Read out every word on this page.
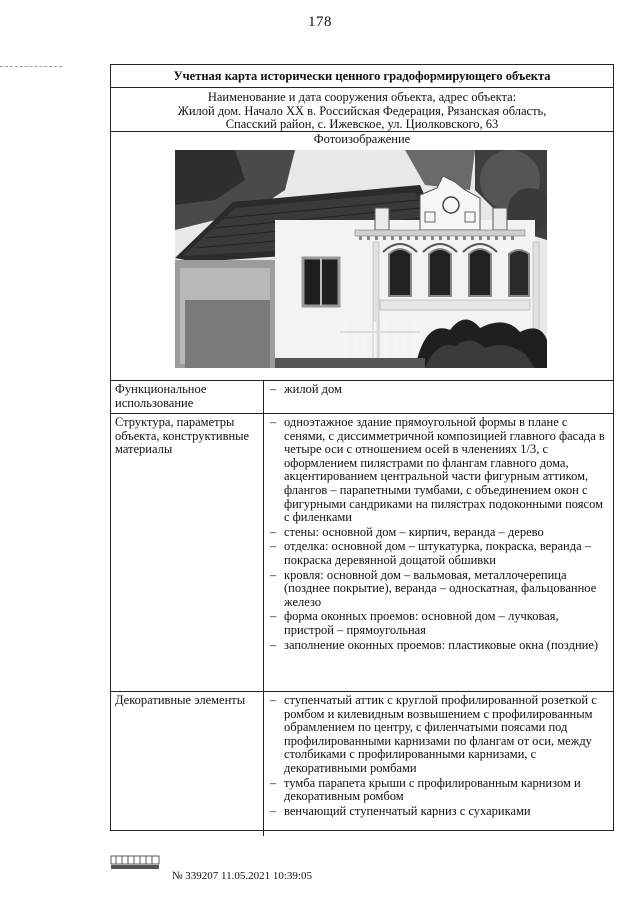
178
Учетная карта исторически ценного градоформирующего объекта
Наименование и дата сооружения объекта, адрес объекта:
Жилой дом. Начало XX в. Российская Федерация, Рязанская область,
Спасский район, с. Ижевское, ул. Циолковского, 63
Фотоизображение
Функциональное использование
– жилой дом
Структура, параметры объекта, конструктивные материалы
– одноэтажное здание прямоугольной формы в плане с сенями, с диссимметричной композицией главного фасада в четыре оси с отношением осей в членениях 1/3, с оформлением пилястрами по флангам главного дома, акцентированием центральной части фигурным аттиком, флангов – парапетными тумбами, с объединением окон с фигурными сандриками на пилястрах подоконными поясом с филенками
– стены: основной дом – кирпич, веранда – дерево
– отделка: основной дом – штукатурка, покраска, веранда – покраска деревянной дощатой обшивки
– кровля: основной дом – вальмовая, металлочерепица (позднее покрытие), веранда – односкатная, фальцованное железо
– форма оконных проемов: основной дом – лучковая, пристрой – прямоугольная
– заполнение оконных проемов: пластиковые окна (поздние)
Декоративные элементы	– ступенчатый аттик с круглой профилированной розеткой с ромбом и килевидным возвышением с профилированным обрамлением по центру, с филенчатыми поясами под профилированными карнизами по флангам от оси, между столбиками с профилированными карнизами, с декоративными ромбами
– тумба парапета крыши с профилированным карнизом и декоративным ромбом
– венчающий ступенчатый карниз с сухариками
№ 339207 11.05.2021 10:39:05
